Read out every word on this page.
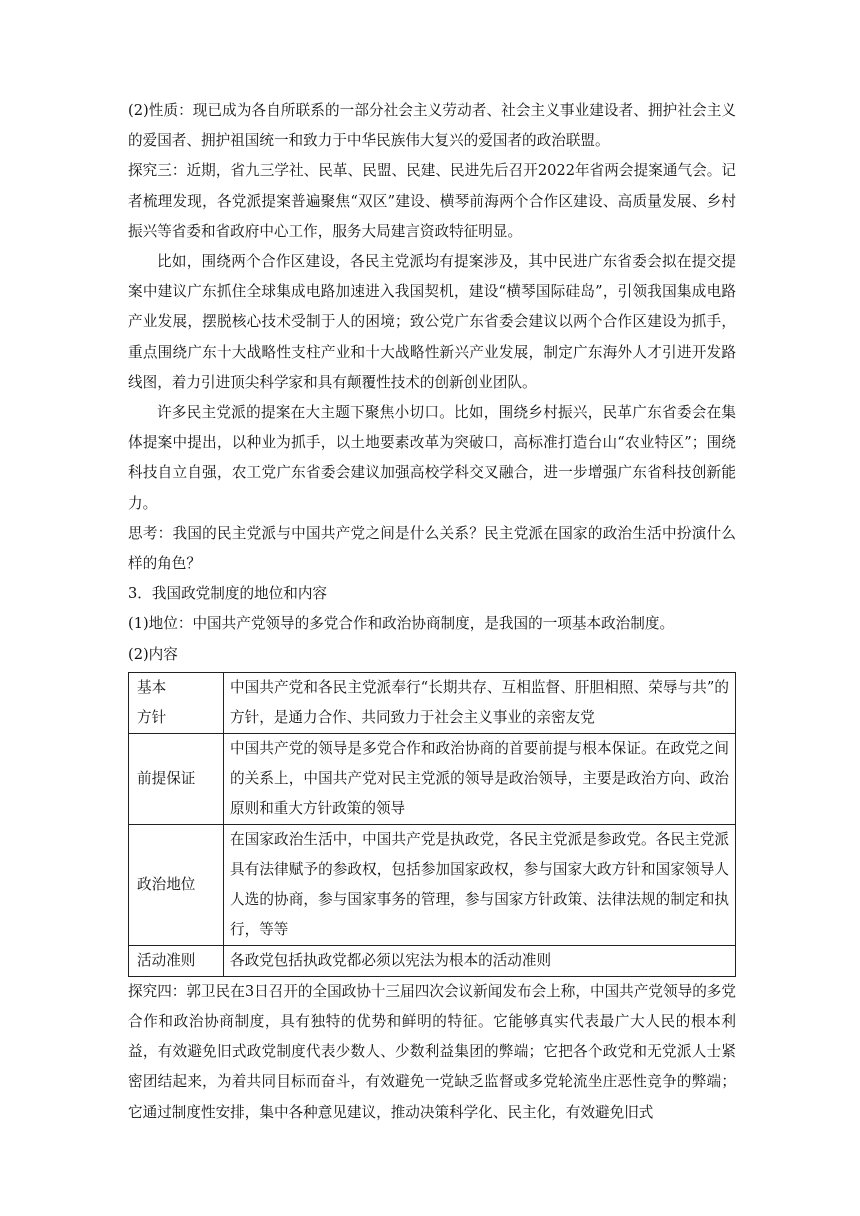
(2)性质：现已成为各自所联系的一部分社会主义劳动者、社会主义事业建设者、拥护社会主义的爱国者、拥护祖国统一和致力于中华民族伟大复兴的爱国者的政治联盟。

探究三：近期，省九三学社、民革、民盟、民建、民进先后召开2022年省两会提案通气会。记者梳理发现，各党派提案普遍聚焦“双区”建设、横琴前海两个合作区建设、高质量发展、乡村振兴等省委和省政府中心工作，服务大局建言资政特征明显。

比如，围绕两个合作区建设，各民主党派均有提案涉及，其中民进广东省委会拟在提交提案中建议广东抓住全球集成电路加速进入我国契机，建设“横琴国际硅岛”，引领我国集成电路产业发展，摆脱核心技术受制于人的困境；致公党广东省委会建议以两个合作区建设为抓手，重点围绕广东十大战略性支柱产业和十大战略性新兴产业发展，制定广东海外人才引进开发路线图，着力引进顶尖科学家和具有颠覆性技术的创新创业团队。

许多民主党派的提案在大主题下聚焦小切口。比如，围绕乡村振兴，民革广东省委会在集体提案中提出，以种业为抓手，以土地要素改革为突破口，高标准打造台山“农业特区”；围绕科技自立自强，农工党广东省委会建议加强高校学科交叉融合，进一步增强广东省科技创新能力。

思考：我国的民主党派与中国共产党之间是什么关系？民主党派在国家的政治生活中扮演什么样的角色？

3．我国政党制度的地位和内容

(1)地位：中国共产党领导的多党合作和政治协商制度，是我国的一项基本政治制度。

(2)内容

基本
方针	中国共产党和各民主党派奉行“长期共存、互相监督、肝胆相照、荣辱与共”的方针，是通力合作、共同致力于社会主义事业的亲密友党
前提保证	中国共产党的领导是多党合作和政治协商的首要前提与根本保证。在政党之间的关系上，中国共产党对民主党派的领导是政治领导，主要是政治方向、政治原则和重大方针政策的领导
政治地位	在国家政治生活中，中国共产党是执政党，各民主党派是参政党。各民主党派具有法律赋予的参政权，包括参加国家政权，参与国家大政方针和国家领导人人选的协商，参与国家事务的管理，参与国家方针政策、法律法规的制定和执行，等等
活动准则	各政党包括执政党都必须以宪法为根本的活动准则

探究四：郭卫民在3日召开的全国政协十三届四次会议新闻发布会上称，中国共产党领导的多党合作和政治协商制度，具有独特的优势和鲜明的特征。它能够真实代表最广大人民的根本利益，有效避免旧式政党制度代表少数人、少数利益集团的弊端；它把各个政党和无党派人士紧密团结起来，为着共同目标而奋斗，有效避免一党缺乏监督或多党轮流坐庄恶性竞争的弊端；它通过制度性安排，集中各种意见建议，推动决策科学化、民主化，有效避免旧式
